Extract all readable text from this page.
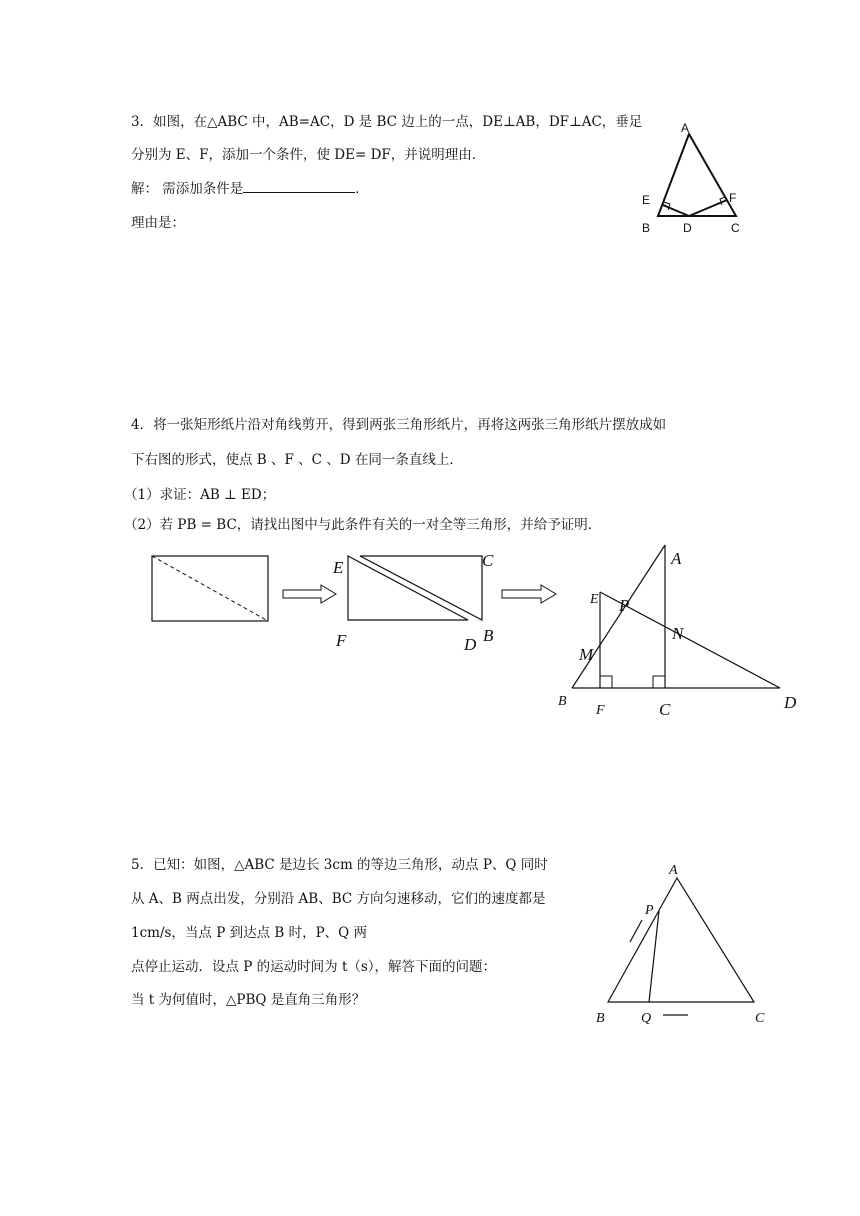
3．如图，在△ABC 中，AB=AC，D 是 BC 边上的一点，DE⊥AB，DF⊥AC，垂足
分别为 E、F，添加一个条件，使 DE= DF，并说明理由．
解： 需添加条件是	．
理由是：
A
E	F
B	D	C
4．将一张矩形纸片沿对角线剪开，得到两张三角形纸片，再将这两张三角形纸片摆放成如
下右图的形式，使点 B 、F 、C 、D 在同一条直线上．
（1）求证：AB ⊥ ED；
（2）若 PB = BC，请找出图中与此条件有关的一对全等三角形，并给予证明．
E	C
F	D B
A
E P
N
M
B
F	C	D
5．已知：如图，△ABC 是边长 3cm 的等边三角形，动点 P、Q 同时
从 A、B 两点出发，分别沿 AB、BC 方向匀速移动，它们的速度都是
1cm/s，当点 P 到达点 B 时，P、Q 两
点停止运动．设点 P 的运动时间为 t（s），解答下面的问题：
当 t 为何值时，△PBQ 是直角三角形？
A
P
B	Q	C
